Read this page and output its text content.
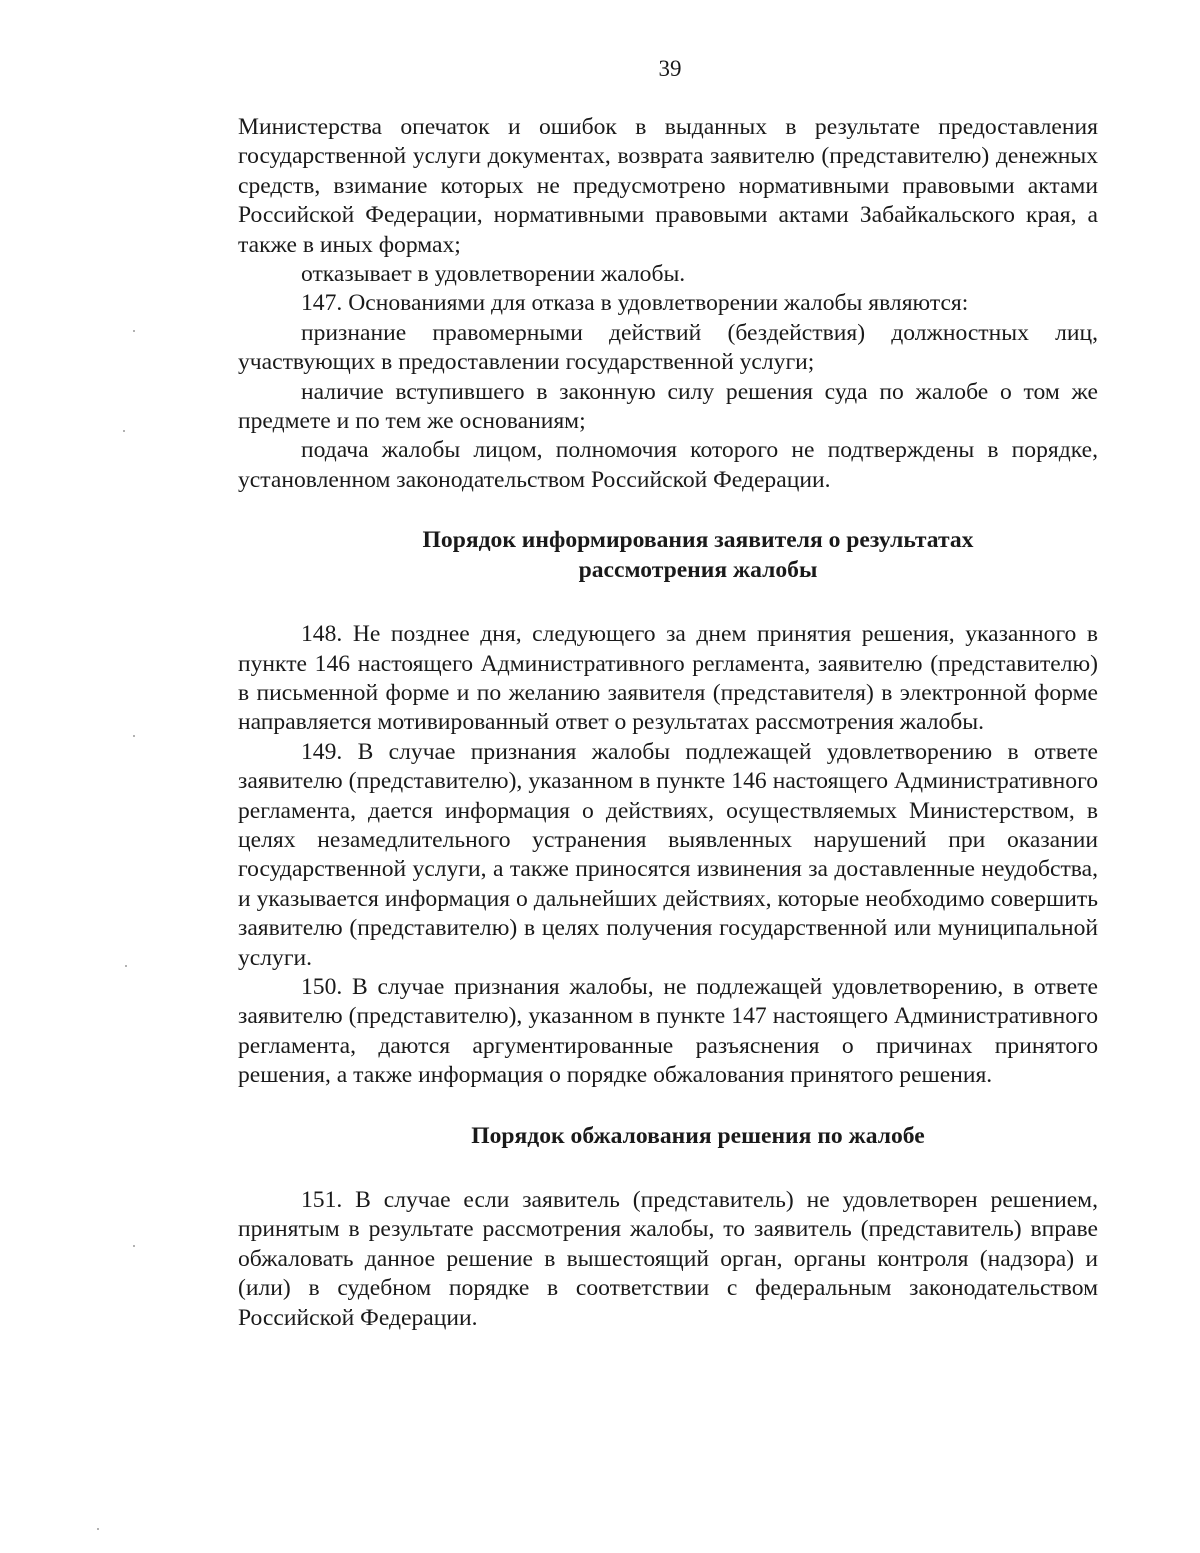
39

Министерства опечаток и ошибок в выданных в результате предоставления государственной услуги документах, возврата заявителю (представителю) денежных средств, взимание которых не предусмотрено нормативными правовыми актами Российской Федерации, нормативными правовыми актами Забайкальского края, а также в иных формах;

отказывает в удовлетворении жалобы.

147. Основаниями для отказа в удовлетворении жалобы являются:

признание правомерными действий (бездействия) должностных лиц, участвующих в предоставлении государственной услуги;

наличие вступившего в законную силу решения суда по жалобе о том же предмете и по тем же основаниям;

подача жалобы лицом, полномочия которого не подтверждены в порядке, установленном законодательством Российской Федерации.

Порядок информирования заявителя о результатах
рассмотрения жалобы

148. Не позднее дня, следующего за днем принятия решения, указанного в пункте 146 настоящего Административного регламента, заявителю (представителю) в письменной форме и по желанию заявителя (представителя) в электронной форме направляется мотивированный ответ о результатах рассмотрения жалобы.

149. В случае признания жалобы подлежащей удовлетворению в ответе заявителю (представителю), указанном в пункте 146 настоящего Административного регламента, дается информация о действиях, осуществляемых Министерством, в целях незамедлительного устранения выявленных нарушений при оказании государственной услуги, а также приносятся извинения за доставленные неудобства, и указывается информация о дальнейших действиях, которые необходимо совершить заявителю (представителю) в целях получения государственной или муниципальной услуги.

150. В случае признания жалобы, не подлежащей удовлетворению, в ответе заявителю (представителю), указанном в пункте 147 настоящего Административного регламента, даются аргументированные разъяснения о причинах принятого решения, а также информация о порядке обжалования принятого решения.

Порядок обжалования решения по жалобе

151. В случае если заявитель (представитель) не удовлетворен решением, принятым в результате рассмотрения жалобы, то заявитель (представитель) вправе обжаловать данное решение в вышестоящий орган, органы контроля (надзора) и (или) в судебном порядке в соответствии с федеральным законодательством Российской Федерации.
